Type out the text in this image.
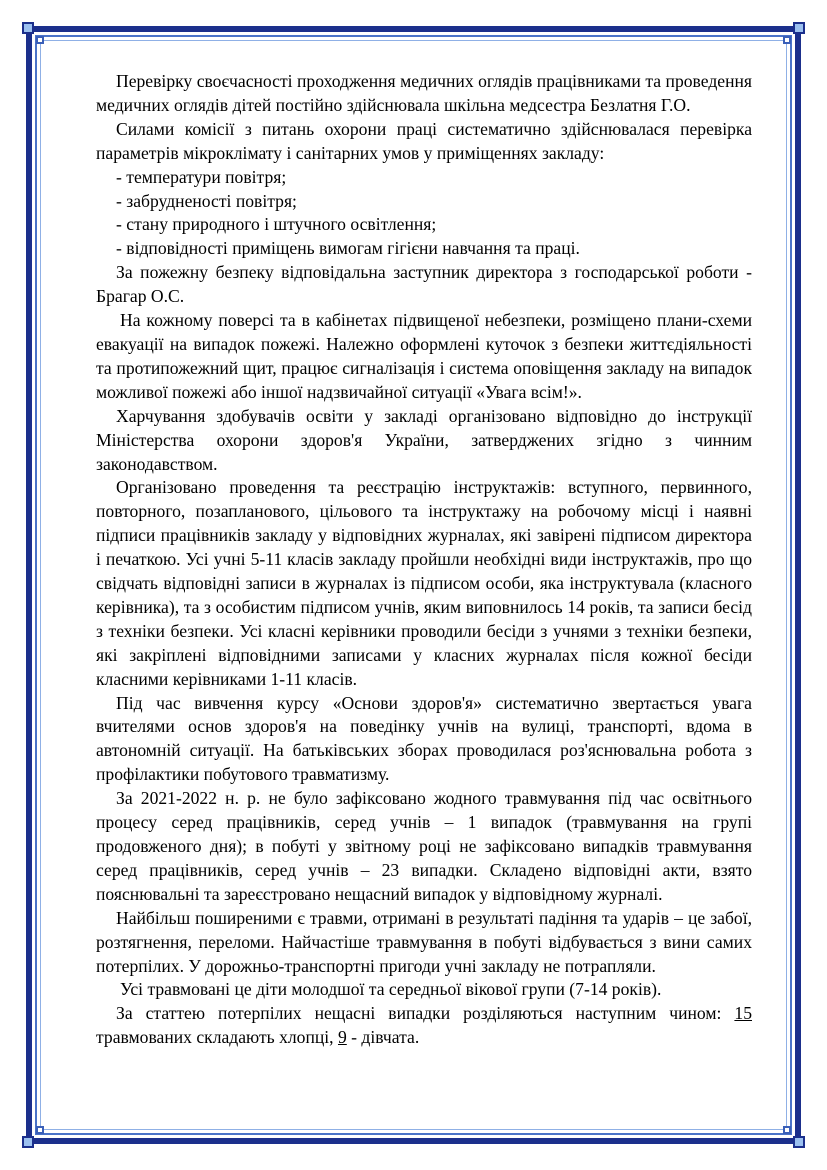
Перевірку своєчасності проходження медичних оглядів працівниками та проведення медичних оглядів дітей постійно здійснювала шкільна медсестра Безлатня Г.О.

Силами комісії з питань охорони праці систематично здійснювалася перевірка параметрів мікроклімату і санітарних умов у приміщеннях закладу:

- температури повітря;

- забрудненості повітря;

- стану природного і штучного освітлення;

- відповідності приміщень вимогам гігієни навчання та праці.

За пожежну безпеку відповідальна заступник директора з господарської роботи - Брагар О.С.

На кожному поверсі та в кабінетах підвищеної небезпеки, розміщено плани-схеми евакуації на випадок пожежі. Належно оформлені куточок з безпеки життєдіяльності та протипожежний щит, працює сигналізація і система оповіщення закладу на випадок можливої пожежі або іншої надзвичайної ситуації «Увага всім!».

Харчування здобувачів освіти у закладі організовано відповідно до інструкції Міністерства охорони здоров'я України, затверджених згідно з чинним законодавством.

Організовано проведення та реєстрацію інструктажів: вступного, первинного, повторного, позапланового, цільового та інструктажу на робочому місці і наявні підписи працівників закладу у відповідних журналах, які завірені підписом директора і печаткою. Усі учні 5-11 класів закладу пройшли необхідні види інструктажів, про що свідчать відповідні записи в журналах із підписом особи, яка інструктувала (класного керівника), та з особистим підписом учнів, яким виповнилось 14 років, та записи бесід з техніки безпеки. Усі класні керівники проводили бесіди з учнями з техніки безпеки, які закріплені відповідними записами у класних журналах після кожної бесіди класними керівниками 1-11 класів.

Під час вивчення курсу «Основи здоров'я» систематично звертається увага вчителями основ здоров'я на поведінку учнів на вулиці, транспорті, вдома в автономній ситуації. На батьківських зборах проводилася роз'яснювальна робота з профілактики побутового травматизму.

За 2021-2022 н. р. не було зафіксовано жодного травмування під час освітнього процесу серед працівників, серед учнів – 1 випадок (травмування на групі продовженого дня); в побуті у звітному році не зафіксовано випадків травмування серед працівників, серед учнів – 23 випадки. Складено відповідні акти, взято пояснювальні та зареєстровано нещасний випадок у відповідному журналі.

Найбільш поширеними є травми, отримані в результаті падіння та ударів – це забої, розтягнення, переломи. Найчастіше травмування в побуті відбувається з вини самих потерпілих. У дорожньо-транспортні пригоди учні закладу не потрапляли.

Усі травмовані це діти молодшої та середньої вікової групи (7-14 років).

За статтею потерпілих нещасні випадки розділяються наступним чином: 15 травмованих складають хлопці, 9 - дівчата.
